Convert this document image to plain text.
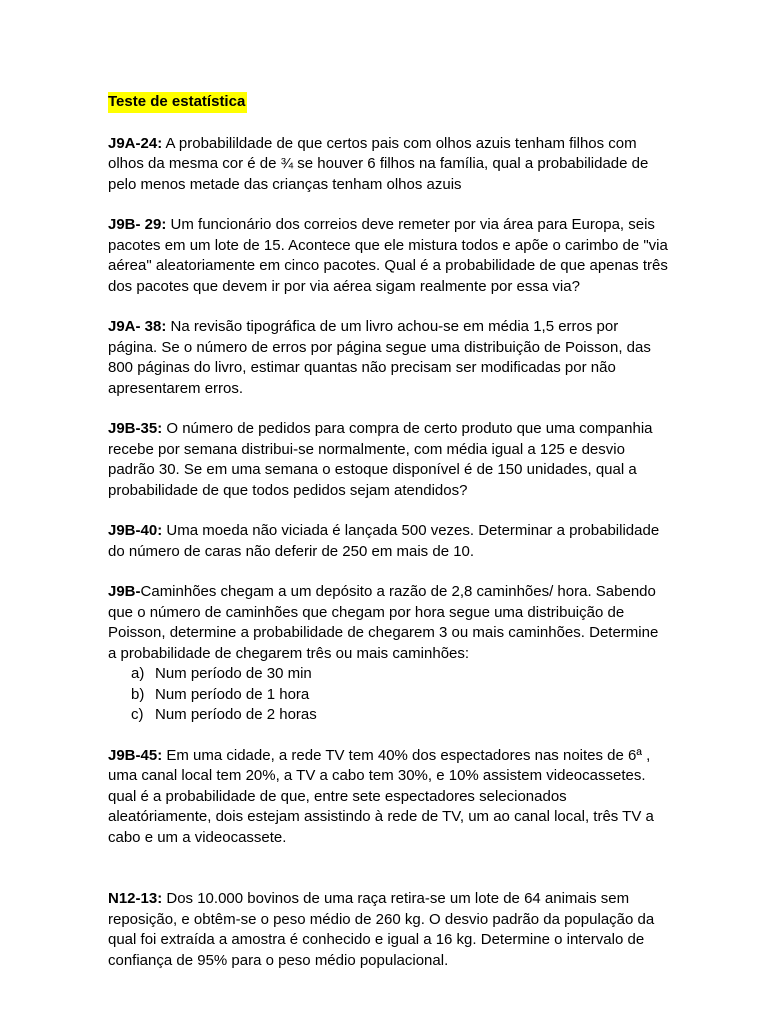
Teste de estatística

J9A-24: A probabilildade de que certos pais com olhos azuis tenham filhos com olhos da mesma cor é de ¾ se houver 6 filhos na família, qual a probabilidade de pelo menos metade das crianças tenham olhos azuis

J9B- 29: Um funcionário dos correios deve remeter por via área para Europa, seis pacotes em um lote de 15. Acontece que ele mistura todos e apõe o carimbo de "via aérea" aleatoriamente em cinco pacotes. Qual é a probabilidade de que apenas três dos pacotes que devem ir por via aérea sigam realmente por essa via?

J9A- 38: Na revisão tipográfica de um livro achou-se em média 1,5 erros por página. Se o número de erros por página segue uma distribuição de Poisson, das 800 páginas do livro, estimar quantas não precisam ser modificadas por não apresentarem erros.

J9B-35: O número de pedidos para compra de certo produto que uma companhia recebe por semana distribui-se normalmente, com média igual a 125 e desvio padrão 30. Se em uma semana o estoque disponível é de 150 unidades, qual a probabilidade de que todos pedidos sejam atendidos?

J9B-40: Uma moeda não viciada é lançada 500 vezes. Determinar a probabilidade do número de caras não deferir de 250 em mais de 10.

J9B-Caminhões chegam a um depósito a razão de 2,8 caminhões/ hora. Sabendo que o número de caminhões que chegam por hora segue uma distribuição de Poisson, determine a probabilidade de chegarem 3 ou mais caminhões. Determine a probabilidade de chegarem três ou mais caminhões:
a) Num período de 30 min
b) Num período de 1 hora
c) Num período de 2 horas

J9B-45: Em uma cidade, a rede TV tem 40% dos espectadores nas noites de 6ª , uma canal local tem 20%, a TV a cabo tem 30%, e 10% assistem videocassetes. qual é a probabilidade de que, entre sete espectadores selecionados aleatóriamente, dois estejam assistindo à rede de TV, um ao canal local, três TV a cabo e um a videocassete.

N12-13: Dos 10.000 bovinos de uma raça retira-se um lote de 64 animais sem reposição, e obtêm-se o peso médio de 260 kg. O desvio padrão da população da qual foi extraída a amostra é conhecido e igual a 16 kg. Determine o intervalo de confiança de 95% para o peso médio populacional.
